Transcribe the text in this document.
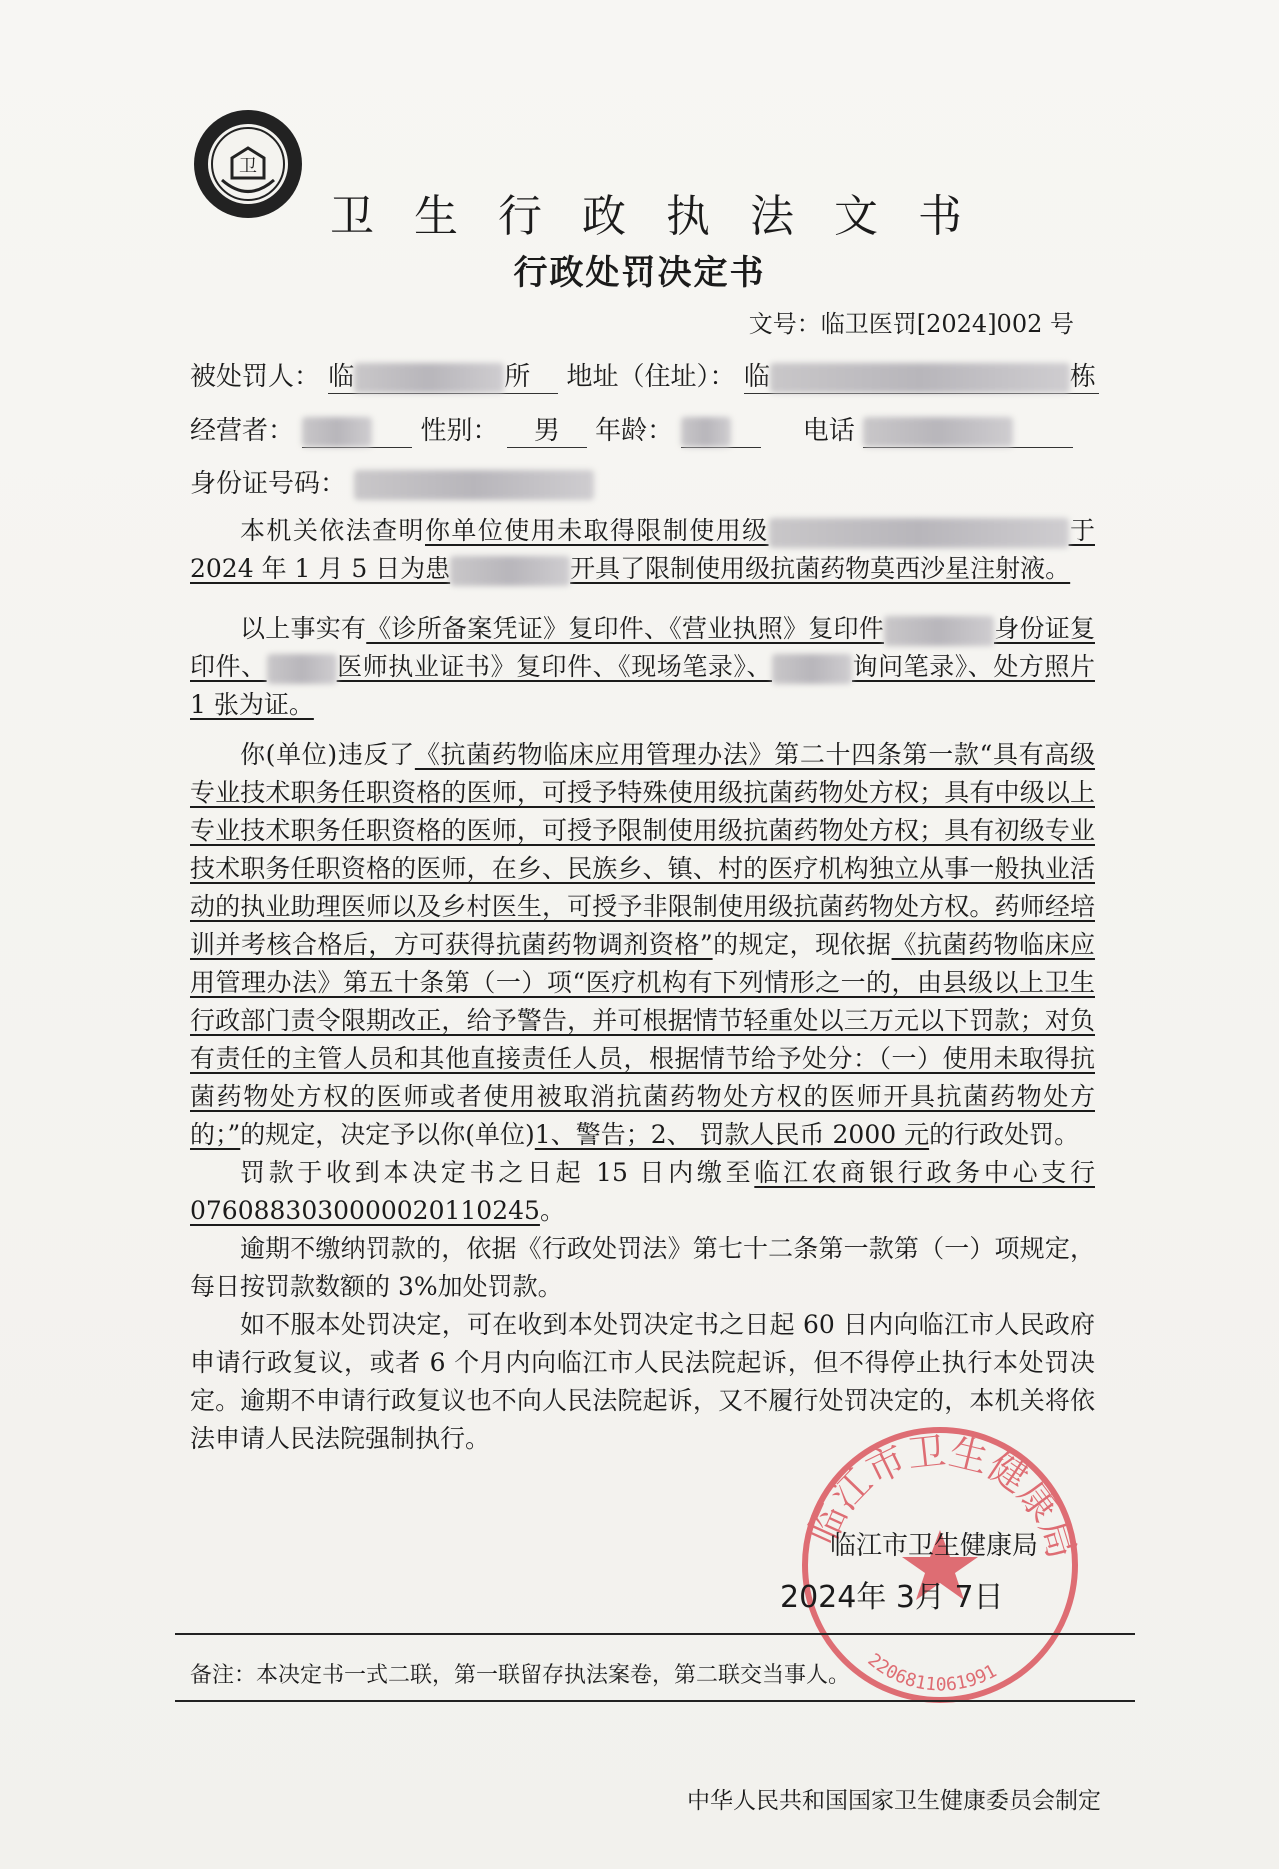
卫
卫生行政执法文书
行政处罚决定书
文号：临卫医罚[2024]002 号
被处罚人： 临	所 地址（住址）： 临	栋
经营者：	性别： 男 年龄：	电话
身份证号码：

本机关依法查明你单位使用未取得限制使用级	于 2024 年 1 月 5 日为患	开具了限制使用级抗菌药物莫西沙星注射液。

以上事实有《诊所备案凭证》复印件、《营业执照》复印件	身份证复印件、	医师执业证书》复印件、《现场笔录》、	询问笔录》、处方照片 1 张为证。

你(单位)违反了《抗菌药物临床应用管理办法》第二十四条第一款“具有高级专业技术职务任职资格的医师，可授予特殊使用级抗菌药物处方权；具有中级以上专业技术职务任职资格的医师，可授予限制使用级抗菌药物处方权；具有初级专业技术职务任职资格的医师，在乡、民族乡、镇、村的医疗机构独立从事一般执业活动的执业助理医师以及乡村医生，可授予非限制使用级抗菌药物处方权。药师经培训并考核合格后，方可获得抗菌药物调剂资格”的规定，现依据《抗菌药物临床应用管理办法》第五十条第（一）项“医疗机构有下列情形之一的，由县级以上卫生行政部门责令限期改正，给予警告，并可根据情节轻重处以三万元以下罚款；对负有责任的主管人员和其他直接责任人员，根据情节给予处分：（一）使用未取得抗菌药物处方权的医师或者使用被取消抗菌药物处方权的医师开具抗菌药物处方的；”的规定，决定予以你(单位)1、警告；2、 罚款人民币 2000 元的行政处罚。

罚款于收到本决定书之日起 15 日内缴至临江农商银行政务中心支行 0760883030000020110245。

逾期不缴纳罚款的，依据《行政处罚法》第七十二条第一款第（一）项规定，每日按罚款数额的 3%加处罚款。

如不服本处罚决定，可在收到本处罚决定书之日起 60 日内向临江市人民政府申请行政复议，或者 6 个月内向临江市人民法院起诉，但不得停止执行本处罚决定。逾期不申请行政复议也不向人民法院起诉，又不履行处罚决定的，本机关将依法申请人民法院强制执行。

临江市卫生健康局
2206811061991
临江市卫生健康局
2024年 3月 7日
备注：本决定书一式二联，第一联留存执法案卷，第二联交当事人。
中华人民共和国国家卫生健康委员会制定
